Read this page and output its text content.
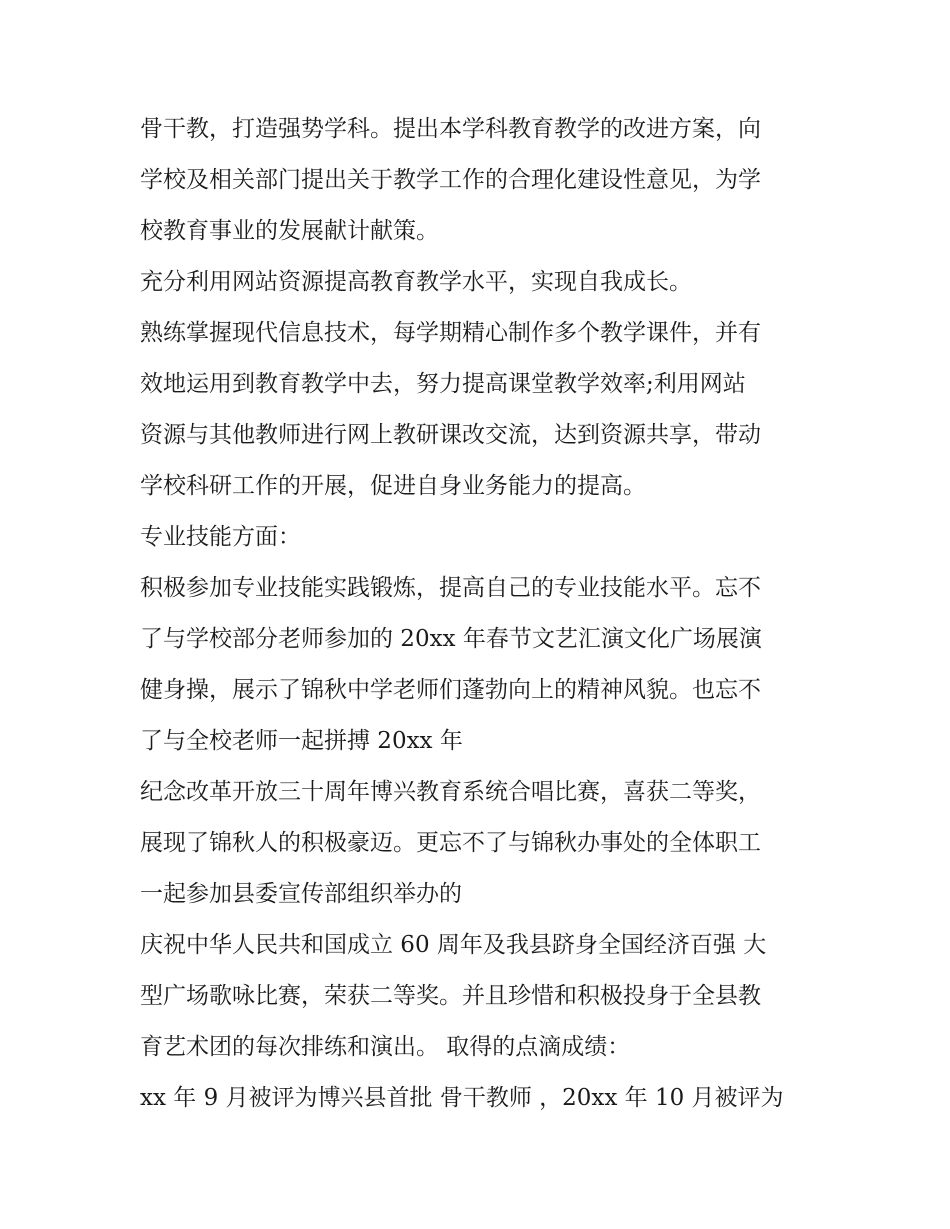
骨干教，打造强势学科。提出本学科教育教学的改进方案，向
学校及相关部门提出关于教学工作的合理化建设性意见，为学
校教育事业的发展献计献策。
充分利用网站资源提高教育教学水平，实现自我成长。
熟练掌握现代信息技术，每学期精心制作多个教学课件，并有
效地运用到教育教学中去，努力提高课堂教学效率;利用网站
资源与其他教师进行网上教研课改交流，达到资源共享，带动
学校科研工作的开展，促进自身业务能力的提高。
专业技能方面：
积极参加专业技能实践锻炼，提高自己的专业技能水平。忘不
了与学校部分老师参加的 20xx 年春节文艺汇演文化广场展演
健身操，展示了锦秋中学老师们蓬勃向上的精神风貌。也忘不
了与全校老师一起拼搏 20xx 年
纪念改革开放三十周年博兴教育系统合唱比赛，喜获二等奖，
展现了锦秋人的积极豪迈。更忘不了与锦秋办事处的全体职工
一起参加县委宣传部组织举办的
庆祝中华人民共和国成立 60 周年及我县跻身全国经济百强 大
型广场歌咏比赛，荣获二等奖。并且珍惜和积极投身于全县教
育艺术团的每次排练和演出。 取得的点滴成绩：
xx 年 9 月被评为博兴县首批 骨干教师 ，20xx 年 10 月被评为
